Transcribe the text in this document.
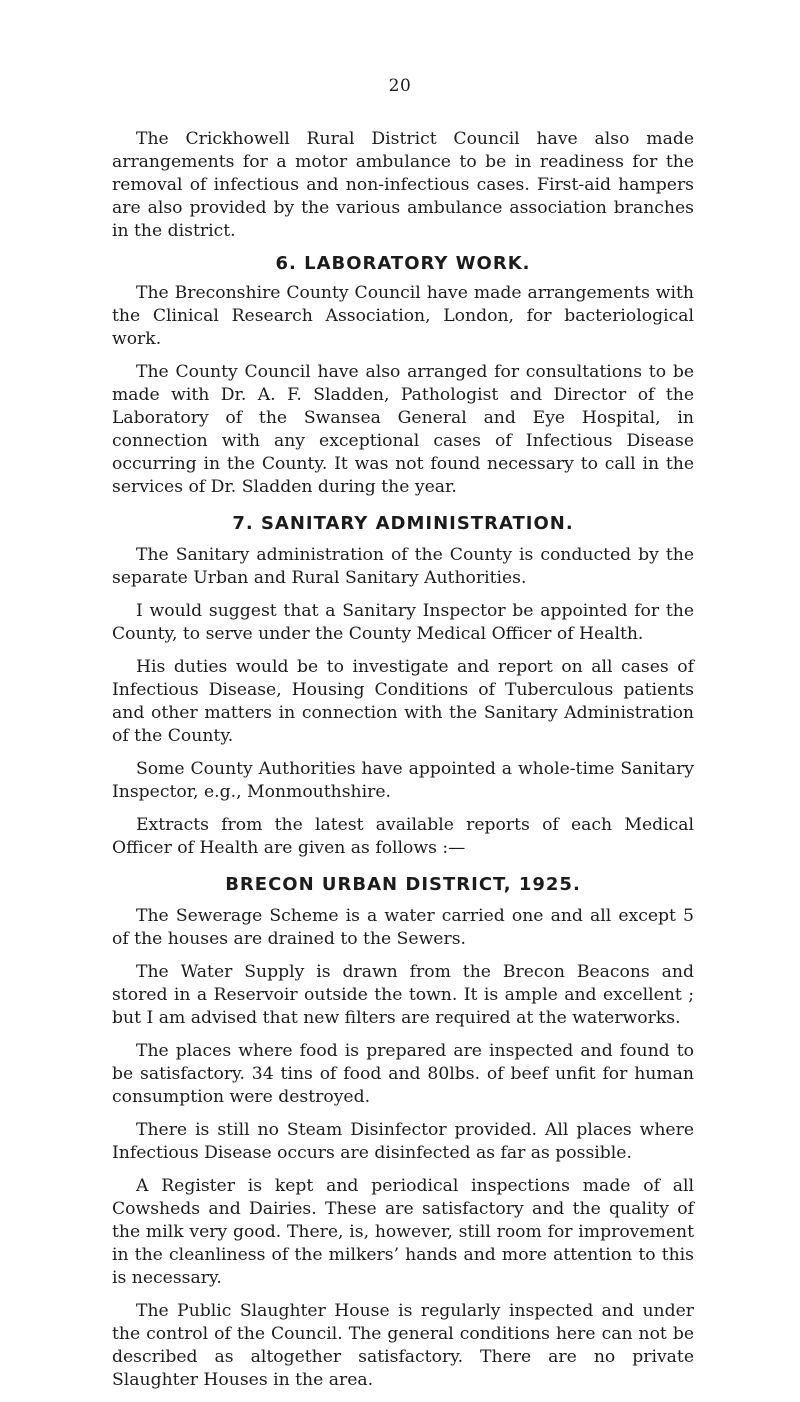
20

The Crickhowell Rural District Council have also made arrangements for a motor ambulance to be in readiness for the removal of infectious and non-infectious cases. First-aid hampers are also provided by the various ambulance association branches in the district.

6. LABORATORY WORK.

The Breconshire County Council have made arrangements with the Clinical Research Association, London, for bacteriological work.

The County Council have also arranged for consultations to be made with Dr. A. F. Sladden, Pathologist and Director of the Laboratory of the Swansea General and Eye Hospital, in connection with any exceptional cases of Infectious Disease occurring in the County. It was not found necessary to call in the services of Dr. Sladden during the year.

7. SANITARY ADMINISTRATION.

The Sanitary administration of the County is conducted by the separate Urban and Rural Sanitary Authorities.

I would suggest that a Sanitary Inspector be appointed for the County, to serve under the County Medical Officer of Health.

His duties would be to investigate and report on all cases of Infectious Disease, Housing Conditions of Tuberculous patients and other matters in connection with the Sanitary Administration of the County.

Some County Authorities have appointed a whole-time Sanitary Inspector, e.g., Monmouthshire.

Extracts from the latest available reports of each Medical Officer of Health are given as follows :—

BRECON URBAN DISTRICT, 1925.

The Sewerage Scheme is a water carried one and all except 5 of the houses are drained to the Sewers.

The Water Supply is drawn from the Brecon Beacons and stored in a Reservoir outside the town. It is ample and excellent ; but I am advised that new filters are required at the waterworks.

The places where food is prepared are inspected and found to be satisfactory. 34 tins of food and 80lbs. of beef unfit for human consumption were destroyed.

There is still no Steam Disinfector provided. All places where Infectious Disease occurs are disinfected as far as possible.

A Register is kept and periodical inspections made of all Cowsheds and Dairies. These are satisfactory and the quality of the milk very good. There, is, however, still room for improvement in the cleanliness of the milkers’ hands and more attention to this is necessary.

The Public Slaughter House is regularly inspected and under the control of the Council. The general conditions here can not be described as altogether satisfactory. There are no private Slaughter Houses in the area.
